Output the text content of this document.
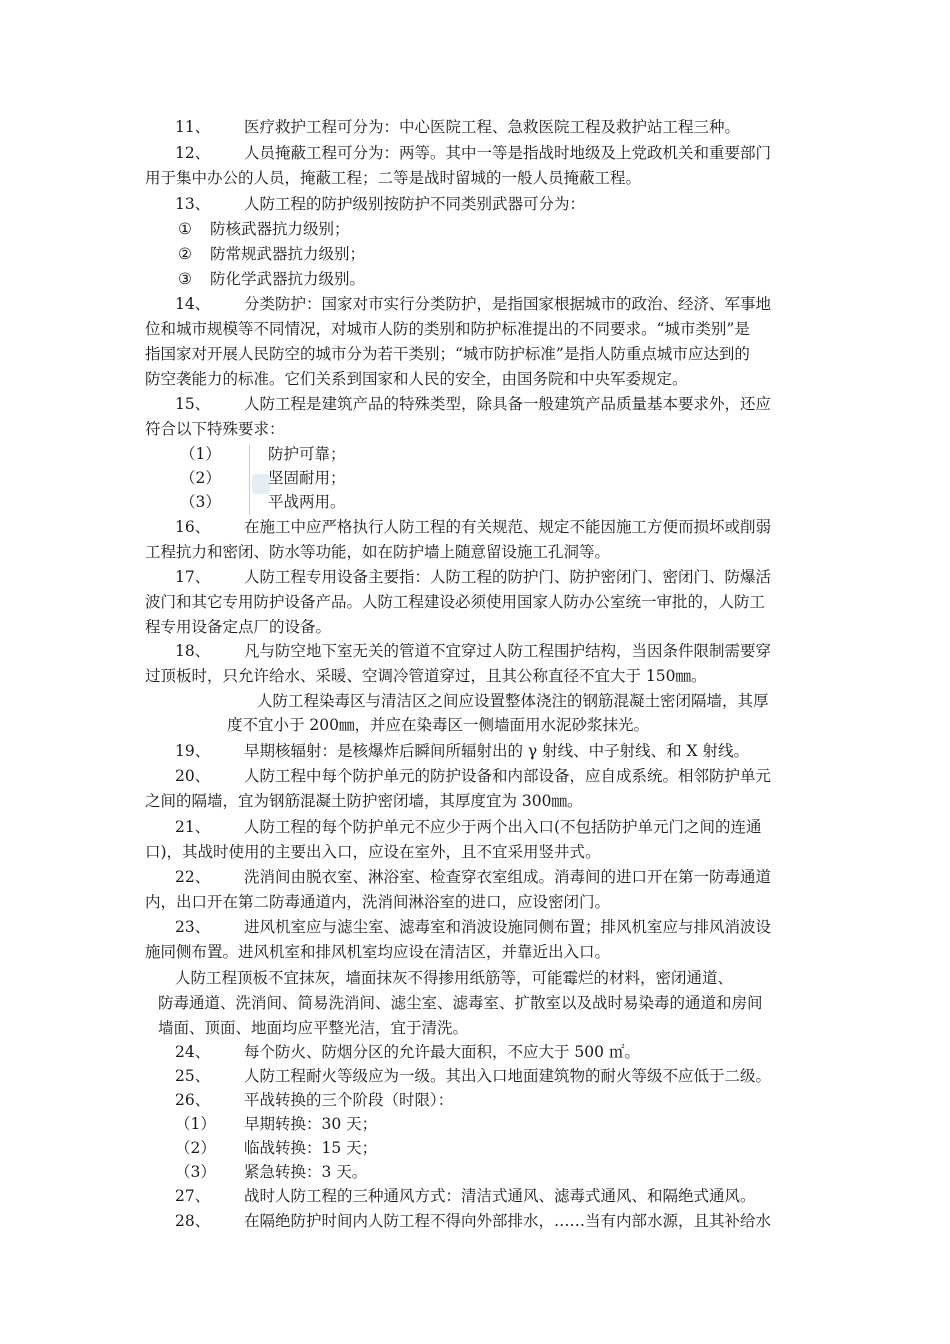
11、 医疗救护工程可分为：中心医院工程、急救医院工程及救护站工程三种。
12、 人员掩蔽工程可分为：两等。其中一等是指战时地级及上党政机关和重要部门
用于集中办公的人员，掩蔽工程；二等是战时留城的一般人员掩蔽工程。
13、 人防工程的防护级别按防护不同类别武器可分为：
① 防核武器抗力级别；
② 防常规武器抗力级别；
③ 防化学武器抗力级别。
14、 分类防护：国家对市实行分类防护，是指国家根据城市的政治、经济、军事地
位和城市规模等不同情况，对城市人防的类别和防护标准提出的不同要求。“城市类别”是
指国家对开展人民防空的城市分为若干类别；“城市防护标准”是指人防重点城市应达到的
防空袭能力的标准。它们关系到国家和人民的安全，由国务院和中央军委规定。
15、 人防工程是建筑产品的特殊类型，除具备一般建筑产品质量基本要求外，还应
符合以下特殊要求：
（1）	防护可靠；
（2）	坚固耐用；
（3）	平战两用。
16、 在施工中应严格执行人防工程的有关规范、规定不能因施工方便而损坏或削弱
工程抗力和密闭、防水等功能，如在防护墙上随意留设施工孔洞等。
17、 人防工程专用设备主要指：人防工程的防护门、防护密闭门、密闭门、防爆活
波门和其它专用防护设备产品。人防工程建设必须使用国家人防办公室统一审批的，人防工
程专用设备定点厂的设备。
18、 凡与防空地下室无关的管道不宜穿过人防工程围护结构，当因条件限制需要穿
过顶板时，只允许给水、采暖、空调冷管道穿过，且其公称直径不宜大于 150㎜。
人防工程染毒区与清洁区之间应设置整体浇注的钢筋混凝土密闭隔墙，其厚
度不宜小于 200㎜，并应在染毒区一侧墙面用水泥砂浆抹光。
19、 早期核辐射：是核爆炸后瞬间所辐射出的 γ 射线、中子射线、和 X 射线。
20、 人防工程中每个防护单元的防护设备和内部设备，应自成系统。相邻防护单元
之间的隔墙，宜为钢筋混凝土防护密闭墙，其厚度宜为 300㎜。
21、 人防工程的每个防护单元不应少于两个出入口(不包括防护单元门之间的连通
口)，其战时使用的主要出入口，应设在室外，且不宜采用竖井式。
22、 洗消间由脱衣室、淋浴室、检查穿衣室组成。消毒间的进口开在第一防毒通道
内，出口开在第二防毒通道内，洗消间淋浴室的进口，应设密闭门。
23、 进风机室应与滤尘室、滤毒室和消波设施同侧布置；排风机室应与排风消波设
施同侧布置。进风机室和排风机室均应设在清洁区，并靠近出入口。
人防工程顶板不宜抹灰，墙面抹灰不得掺用纸筋等，可能霉烂的材料，密闭通道、
防毒通道、洗消间、简易洗消间、滤尘室、滤毒室、扩散室以及战时易染毒的通道和房间
墙面、顶面、地面均应平整光洁，宜于清洗。
24、 每个防火、防烟分区的允许最大面积，不应大于 500 ㎡。
25、 人防工程耐火等级应为一级。其出入口地面建筑物的耐火等级不应低于二级。
26、 平战转换的三个阶段（时限）：
（1） 早期转换：30 天；
（2） 临战转换：15 天；
（3） 紧急转换：3 天。
27、 战时人防工程的三种通风方式：清洁式通风、滤毒式通风、和隔绝式通风。
28、 在隔绝防护时间内人防工程不得向外部排水，……当有内部水源，且其补给水
